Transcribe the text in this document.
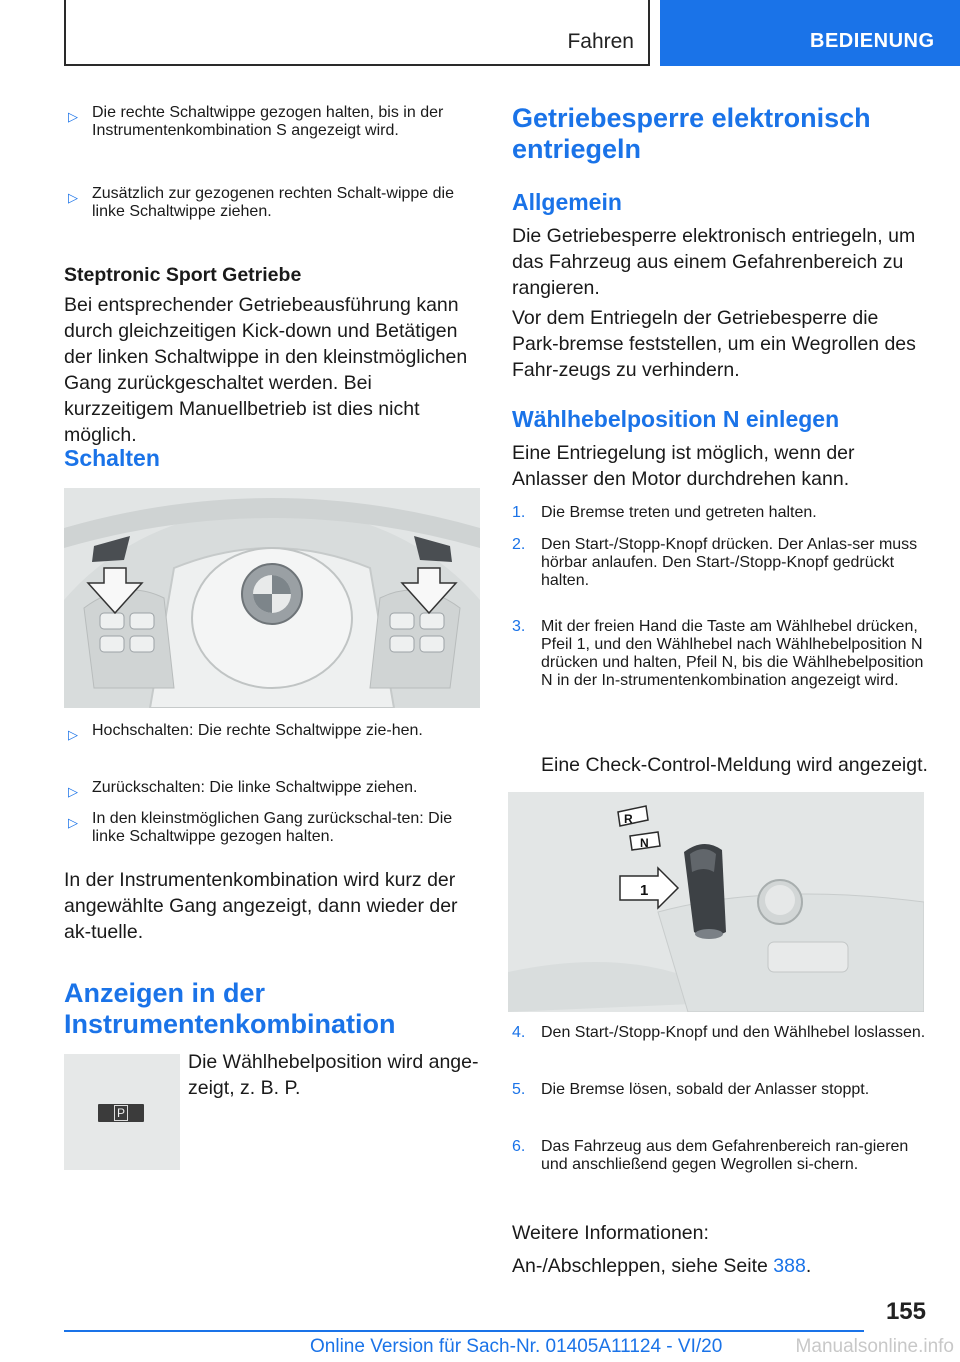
Fahren	BEDIENUNG
▷ Die rechte Schaltwippe gezogen halten, bis in der Instrumentenkombination S angezeigt wird.
▷ Zusätzlich zur gezogenen rechten Schalt-wippe die linke Schaltwippe ziehen.
Steptronic Sport Getriebe

Bei entsprechender Getriebeausführung kann durch gleichzeitigen Kick-down und Betätigen der linken Schaltwippe in den kleinstmöglichen Gang zurückgeschaltet werden. Bei kurzzeitigem Manuellbetrieb ist dies nicht möglich.

Schalten
▷ Hochschalten: Die rechte Schaltwippe zie-hen.
▷ Zurückschalten: Die linke Schaltwippe ziehen.
▷ In den kleinstmöglichen Gang zurückschal-ten: Die linke Schaltwippe gezogen halten.

In der Instrumentenkombination wird kurz der angewählte Gang angezeigt, dann wieder der ak-tuelle.

Anzeigen in der Instrumentenkombination
P

Die Wählhebelposition wird ange-zeigt, z. B. P.

Getriebesperre elektronisch entriegeln
Allgemein

Die Getriebesperre elektronisch entriegeln, um das Fahrzeug aus einem Gefahrenbereich zu rangieren.

Vor dem Entriegeln der Getriebesperre die Park-bremse feststellen, um ein Wegrollen des Fahr-zeugs zu verhindern.

Wählhebelposition N einlegen

Eine Entriegelung ist möglich, wenn der Anlasser den Motor durchdrehen kann.

1. Die Bremse treten und getreten halten.
2. Den Start-/Stopp-Knopf drücken. Der Anlas-ser muss hörbar anlaufen. Den Start-/Stopp-Knopf gedrückt halten.
3. Mit der freien Hand die Taste am Wählhebel drücken, Pfeil 1, und den Wählhebel nach Wählhebelposition N drücken und halten, Pfeil N, bis die Wählhebelposition N in der In-strumentenkombination angezeigt wird.

Eine Check-Control-Meldung wird angezeigt.

R
N
1
4. Den Start-/Stopp-Knopf und den Wählhebel loslassen.
5. Die Bremse lösen, sobald der Anlasser stoppt.
6. Das Fahrzeug aus dem Gefahrenbereich ran-gieren und anschließend gegen Wegrollen si-chern.

Weitere Informationen:

An-/Abschleppen, siehe Seite 388.

155
Online Version für Sach-Nr. 01405A11124 - VI/20	Manualsonline.info
